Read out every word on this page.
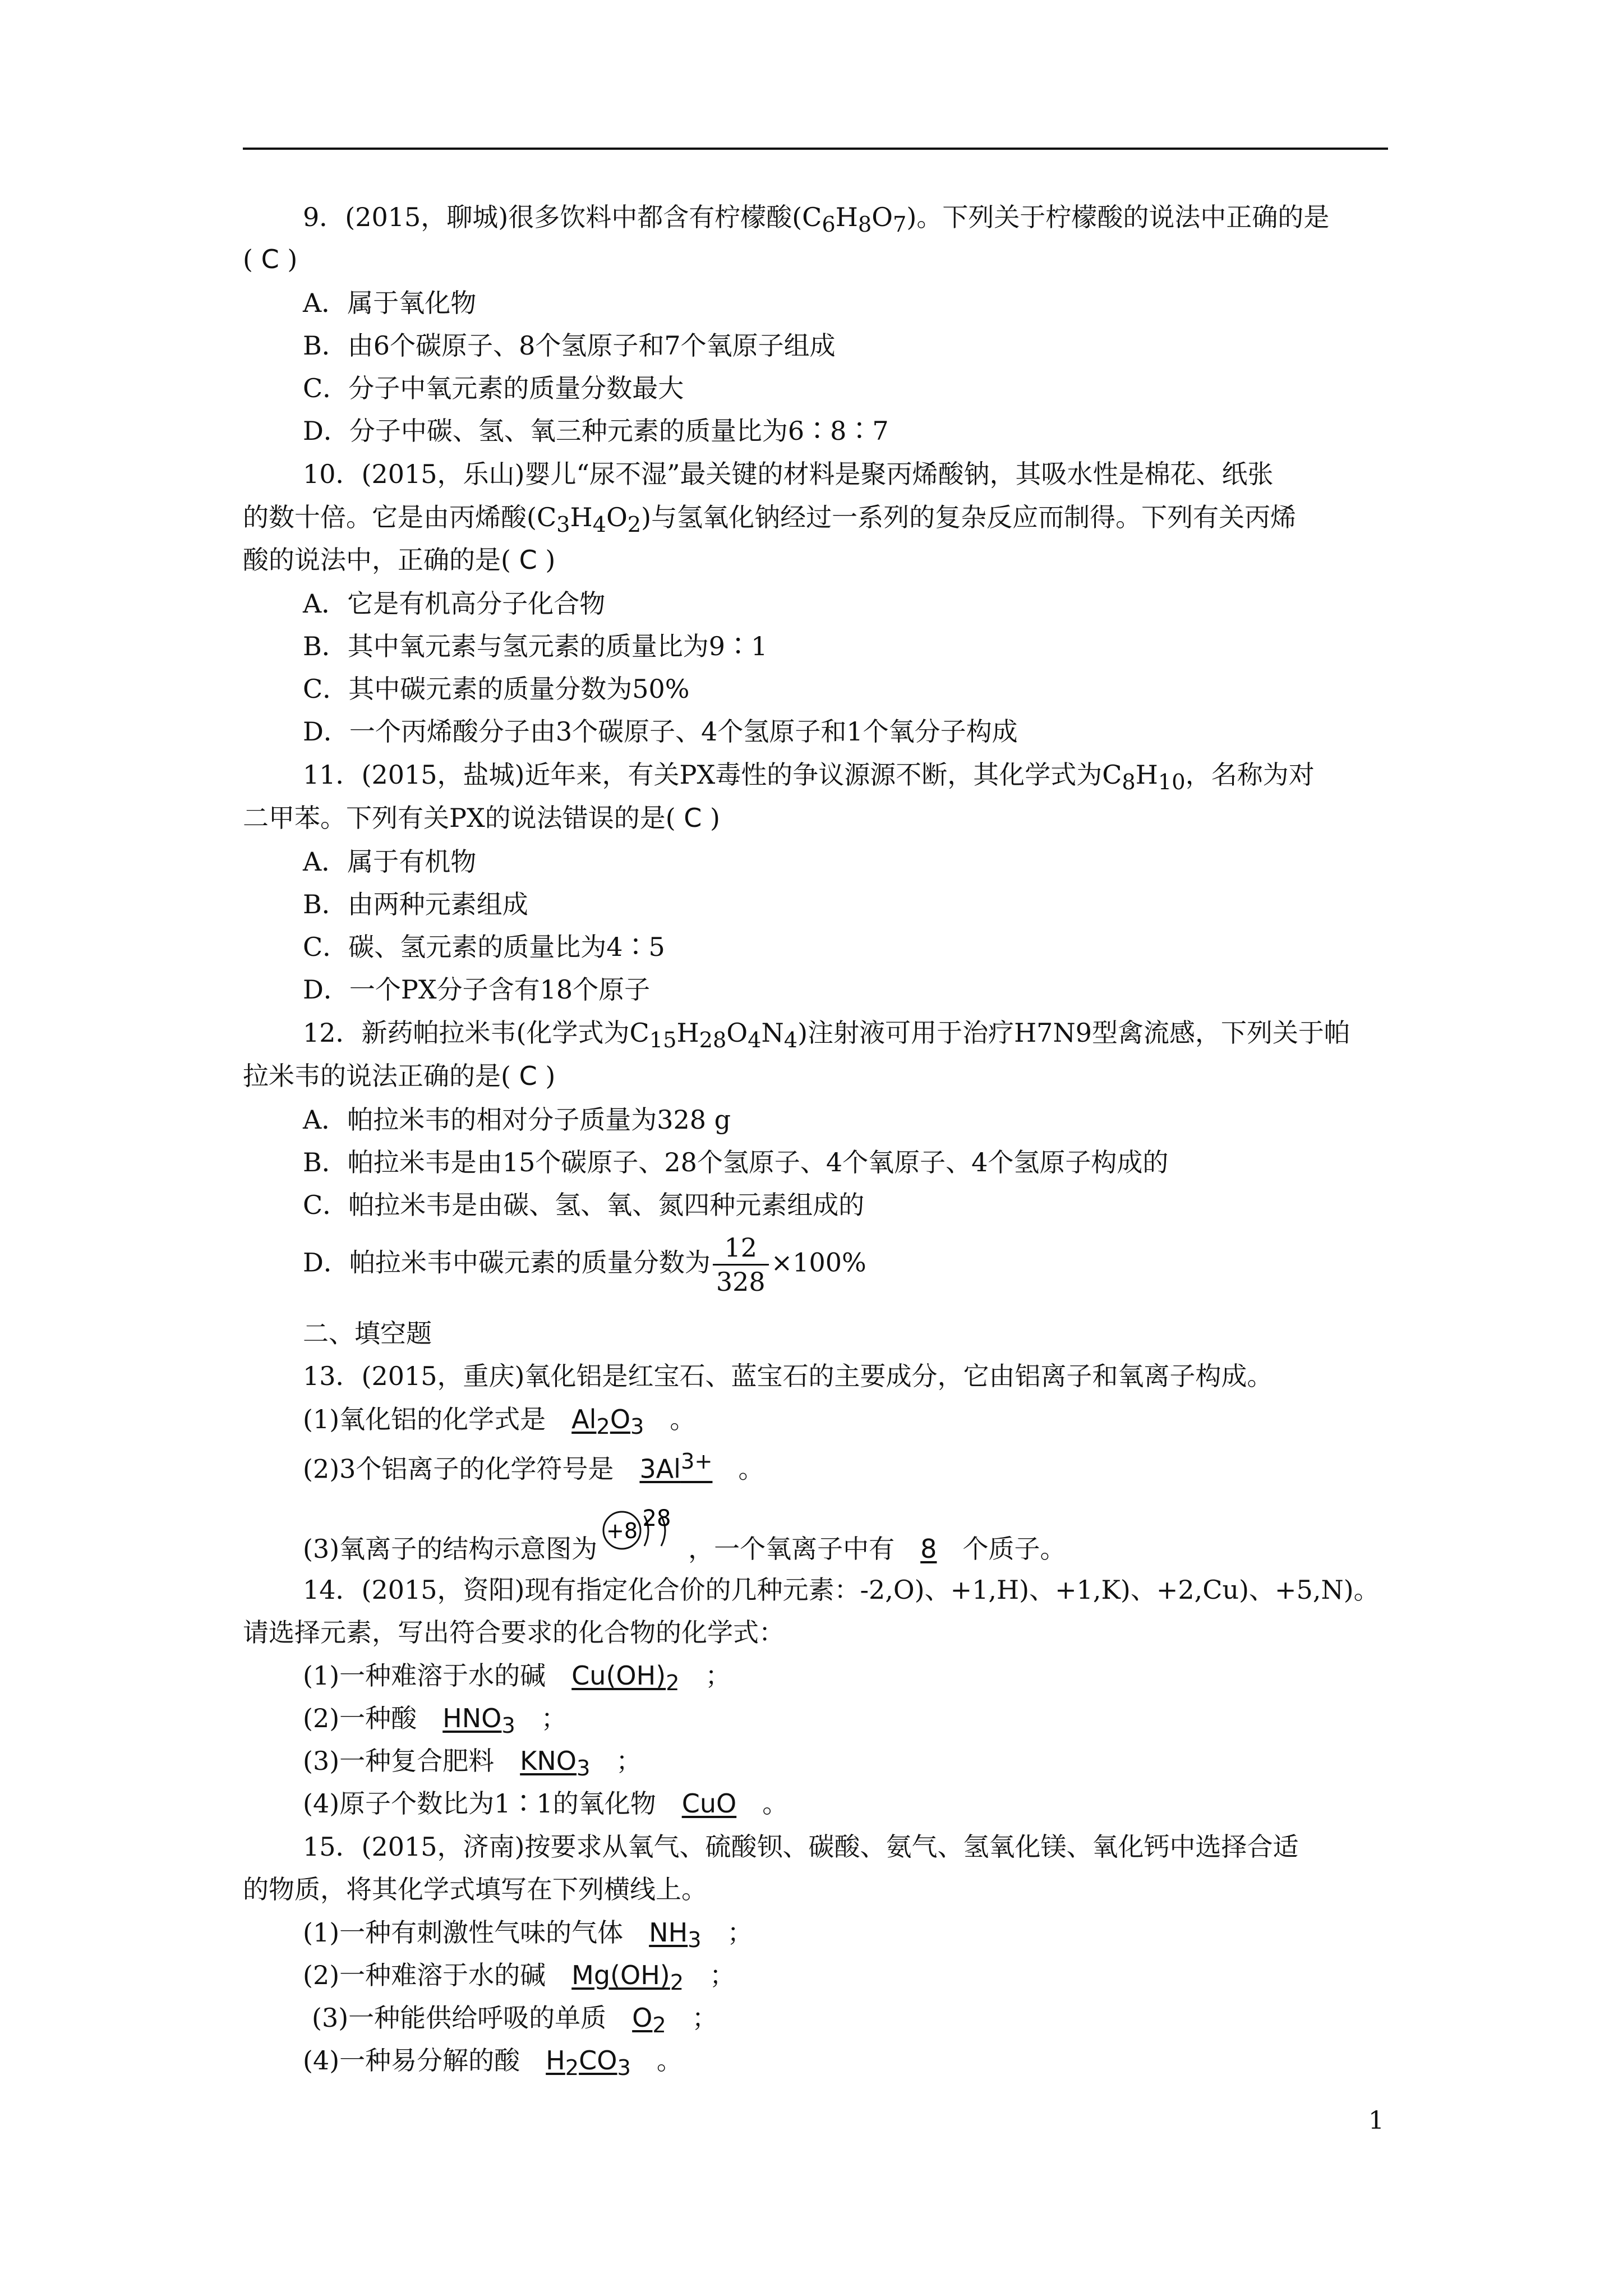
9．(2015，聊城)很多饮料中都含有柠檬酸$(C_6H_8O_7)$。下列关于柠檬酸的说法中正确的是
( C )
A．属于氧化物
B．由6个碳原子、8个氢原子和7个氧原子组成
C．分子中氧元素的质量分数最大
D．分子中碳、氢、氧三种元素的质量比为6∶8∶7
10．(2015，乐山)婴儿“尿不湿”最关键的材料是聚丙烯酸钠，其吸水性是棉花、纸张
的数十倍。它是由丙烯酸$(C_3H_4O_2)$与氢氧化钠经过一系列的复杂反应而制得。下列有关丙烯
酸的说法中，正确的是( C )
A．它是有机高分子化合物
B．其中氧元素与氢元素的质量比为9∶1
C．其中碳元素的质量分数为50%
D．一个丙烯酸分子由3个碳原子、4个氢原子和1个氧分子构成
11．(2015，盐城)近年来，有关PX毒性的争议源源不断，其化学式为$C_8H_{10}$，名称为对
二甲苯。下列有关PX的说法错误的是( C )
A．属于有机物
B．由两种元素组成
C．碳、氢元素的质量比为4∶5
D．一个PX分子含有18个原子
12．新药帕拉米韦(化学式为$C_{15}H_{28}O_4N_4$)注射液可用于治疗H7N9型禽流感，下列关于帕
拉米韦的说法正确的是( C )
A．帕拉米韦的相对分子质量为328 g
B．帕拉米韦是由15个碳原子、28个氢原子、4个氧原子、4个氢原子构成的
C．帕拉米韦是由碳、氢、氧、氮四种元素组成的
D．帕拉米韦中碳元素的质量分数为 $\frac{12}{328} \times 100\%$
二、填空题
13．(2015，重庆)氧化铝是红宝石、蓝宝石的主要成分，它由铝离子和氧离子构成。
(1)氧化铝的化学式是 $Al_2O_3$ 。
(2)3个铝离子的化学符号是 $3Al^{3+}$ 。
(3)氧离子的结构示意图为
+8 28
，一个氧离子中有 8 个质子。
14．(2015，资阳)现有指定化合价的几种元素：-2,O)、+1,H)、+1,K)、+2,Cu)、+5,N)。
请选择元素，写出符合要求的化合物的化学式：
(1)一种难溶于水的碱 $Cu(OH)_2$ ；
(2)一种酸 $HNO_3$ ；
(3)一种复合肥料 $KNO_3$ ；
(4)原子个数比为1∶1的氧化物 CuO 。
15．(2015，济南)按要求从氧气、硫酸钡、碳酸、氨气、氢氧化镁、氧化钙中选择合适
的物质，将其化学式填写在下列横线上。
(1)一种有刺激性气味的气体 $NH_3$ ；
(2)一种难溶于水的碱 $Mg(OH)_2$ ；
(3)一种能供给呼吸的单质 $O_2$ ；
(4)一种易分解的酸 $H_2CO_3$ 。
1
